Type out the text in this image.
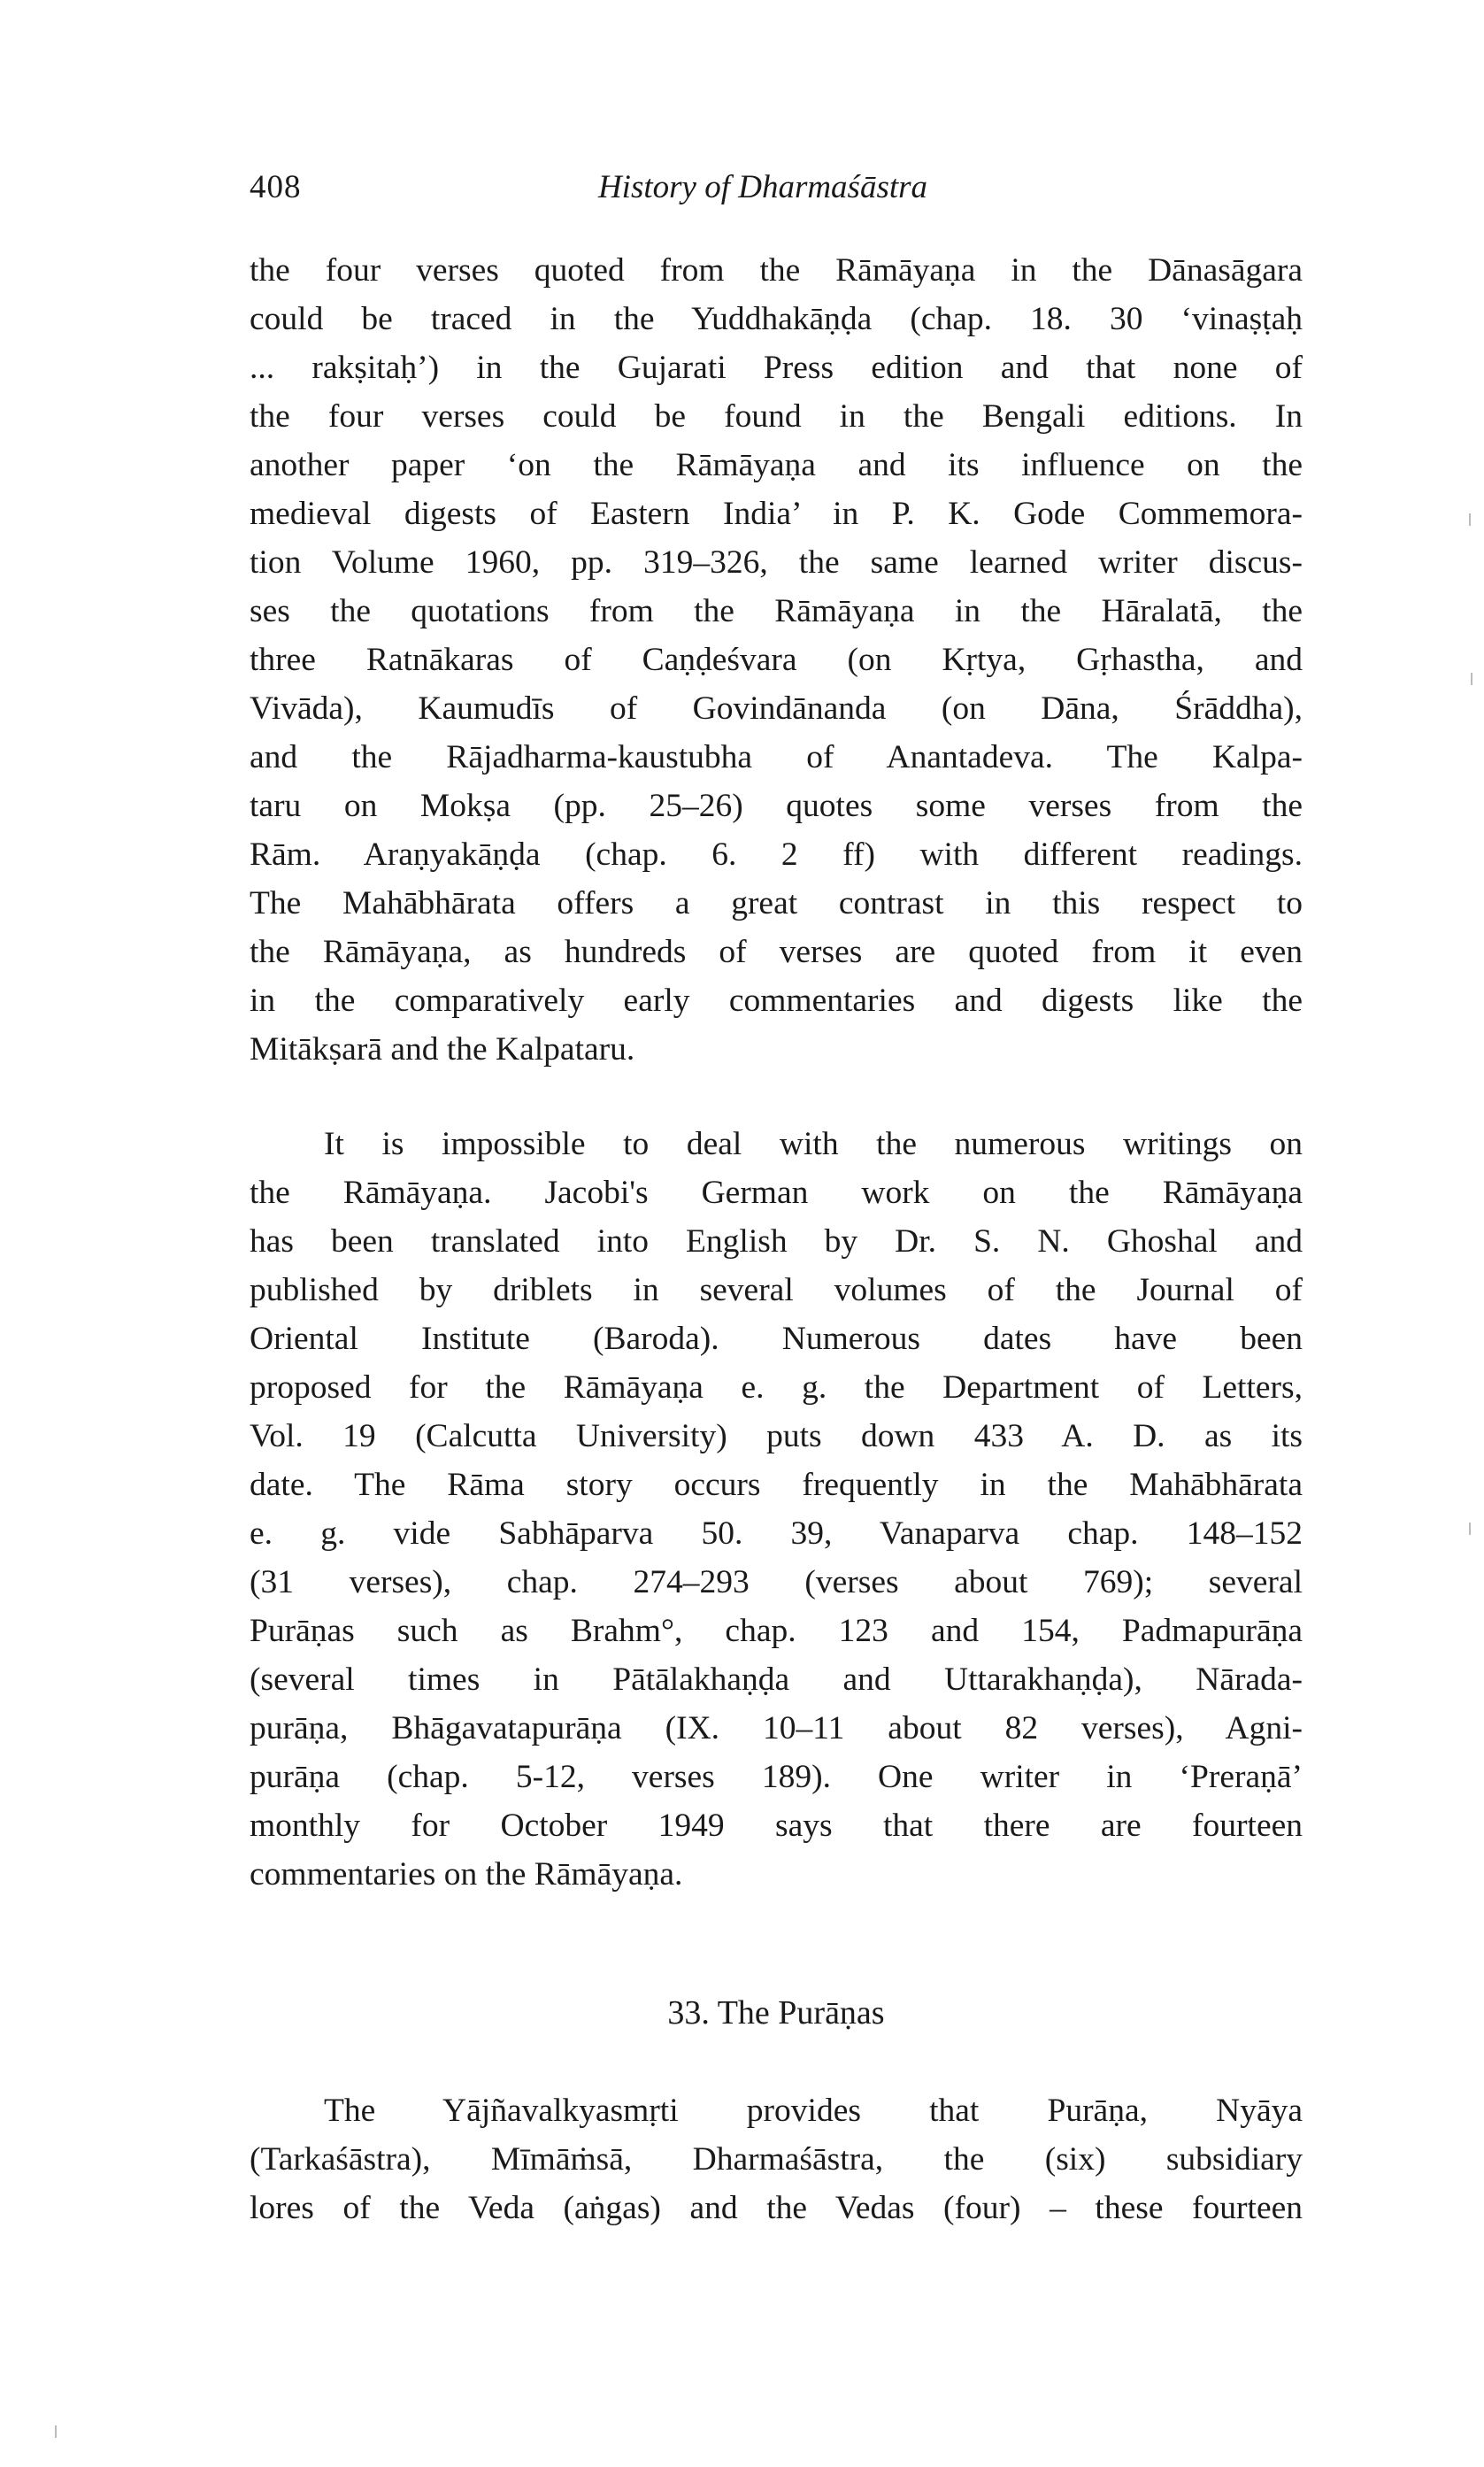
408	History of Dharmaśāstra
the four verses quoted from the Rāmāyaṇa in the Dānasāgara
could be traced in the Yuddhakāṇḍa (chap. 18. 30 ‘vinaṣṭaḥ
... rakṣitaḥ’) in the Gujarati Press edition and that none of
the four verses could be found in the Bengali editions. In
another paper ‘on the Rāmāyaṇa and its influence on the
medieval digests of Eastern India’ in P. K. Gode Commemora-
tion Volume 1960, pp. 319–326, the same learned writer discus-
ses the quotations from the Rāmāyaṇa in the Hāralatā, the
three Ratnākaras of Caṇḍeśvara (on Kṛtya, Gṛhastha, and
Vivāda), Kaumudīs of Govindānanda (on Dāna, Śrāddha),
and the Rājadharma-kaustubha of Anantadeva. The Kalpa-
taru on Mokṣa (pp. 25–26) quotes some verses from the
Rām. Araṇyakāṇḍa (chap. 6. 2 ff) with different readings.
The Mahābhārata offers a great contrast in this respect to
the Rāmāyaṇa, as hundreds of verses are quoted from it even
in the comparatively early commentaries and digests like the
Mitākṣarā and the Kalpataru.
It is impossible to deal with the numerous writings on
the Rāmāyaṇa. Jacobi's German work on the Rāmāyaṇa
has been translated into English by Dr. S. N. Ghoshal and
published by driblets in several volumes of the Journal of
Oriental Institute (Baroda). Numerous dates have been
proposed for the Rāmāyaṇa e. g. the Department of Letters,
Vol. 19 (Calcutta University) puts down 433 A. D. as its
date. The Rāma story occurs frequently in the Mahābhārata
e. g. vide Sabhāparva 50. 39, Vanaparva chap. 148–152
(31 verses), chap. 274–293 (verses about 769); several
Purāṇas such as Brahm°, chap. 123 and 154, Padmapurāṇa
(several times in Pātālakhaṇḍa and Uttarakhaṇḍa), Nārada-
purāṇa, Bhāgavatapurāṇa (IX. 10–11 about 82 verses), Agni-
purāṇa (chap. 5-12, verses 189). One writer in ‘Preraṇā’
monthly for October 1949 says that there are fourteen
commentaries on the Rāmāyaṇa.
33. The Purāṇas
The Yājñavalkyasmṛti provides that Purāṇa, Nyāya
(Tarkaśāstra), Mīmāṁsā, Dharmaśāstra, the (six) subsidiary
lores of the Veda (aṅgas) and the Vedas (four) – these fourteen
